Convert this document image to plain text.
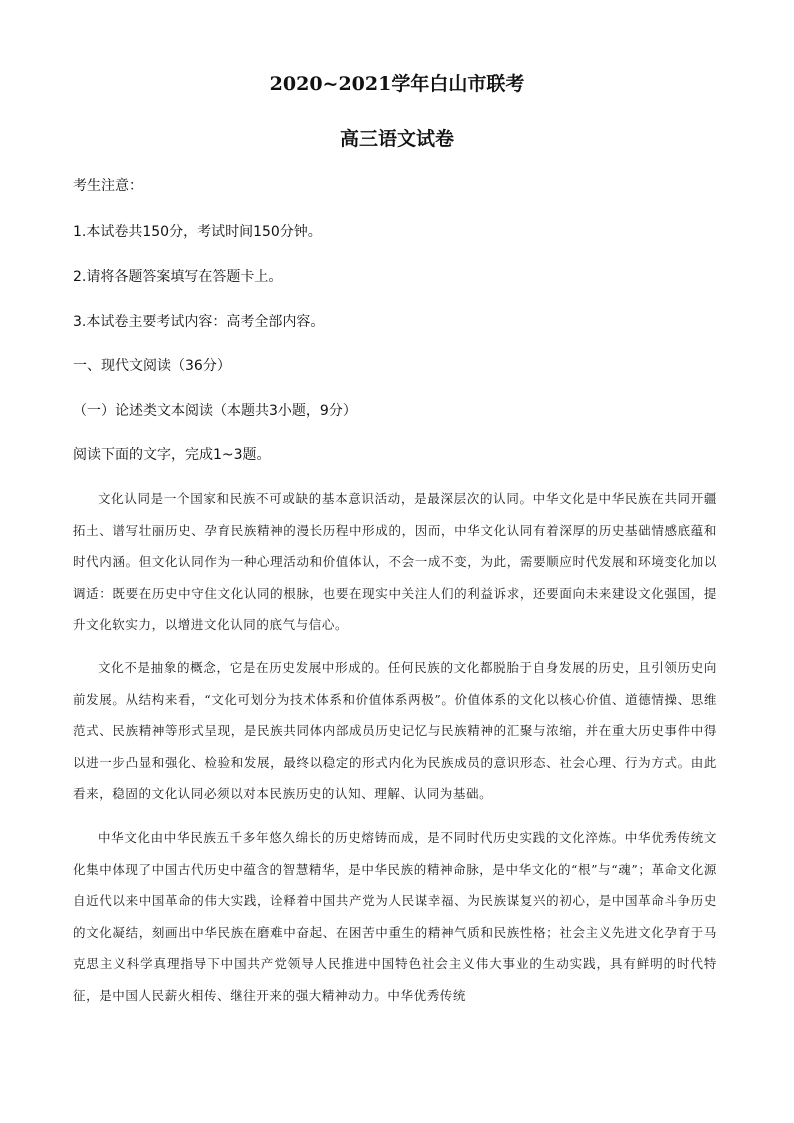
2020~2021学年白山市联考
高三语文试卷

考生注意：

1.本试卷共150分，考试时间150分钟。

2.请将各题答案填写在答题卡上。

3.本试卷主要考试内容：高考全部内容。

一、现代文阅读（36分）

（一）论述类文本阅读（本题共3小题，9分）

阅读下面的文字，完成1~3题。

文化认同是一个国家和民族不可或缺的基本意识活动，是最深层次的认同。中华文化是中华民族在共同开疆拓土、谱写壮丽历史、孕育民族精神的漫长历程中形成的，因而，中华文化认同有着深厚的历史基础情感底蕴和时代内涵。但文化认同作为一种心理活动和价值体认，不会一成不变，为此，需要顺应时代发展和环境变化加以调适：既要在历史中守住文化认同的根脉，也要在现实中关注人们的利益诉求，还要面向未来建设文化强国，提升文化软实力，以增进文化认同的底气与信心。

文化不是抽象的概念，它是在历史发展中形成的。任何民族的文化都脱胎于自身发展的历史，且引领历史向前发展。从结构来看，“文化可划分为技术体系和价值体系两极”。价值体系的文化以核心价值、道德情操、思维范式、民族精神等形式呈现，是民族共同体内部成员历史记忆与民族精神的汇聚与浓缩，并在重大历史事件中得以进一步凸显和强化、检验和发展，最终以稳定的形式内化为民族成员的意识形态、社会心理、行为方式。由此看来，稳固的文化认同必须以对本民族历史的认知、理解、认同为基础。

中华文化由中华民族五千多年悠久绵长的历史熔铸而成，是不同时代历史实践的文化淬炼。中华优秀传统文化集中体现了中国古代历史中蕴含的智慧精华，是中华民族的精神命脉，是中华文化的“根”与“魂”；革命文化源自近代以来中国革命的伟大实践，诠释着中国共产党为人民谋幸福、为民族谋复兴的初心，是中国革命斗争历史的文化凝结，刻画出中华民族在磨难中奋起、在困苦中重生的精神气质和民族性格；社会主义先进文化孕育于马克思主义科学真理指导下中国共产党领导人民推进中国特色社会主义伟大事业的生动实践，具有鲜明的时代特征，是中国人民薪火相传、继往开来的强大精神动力。中华优秀传统
